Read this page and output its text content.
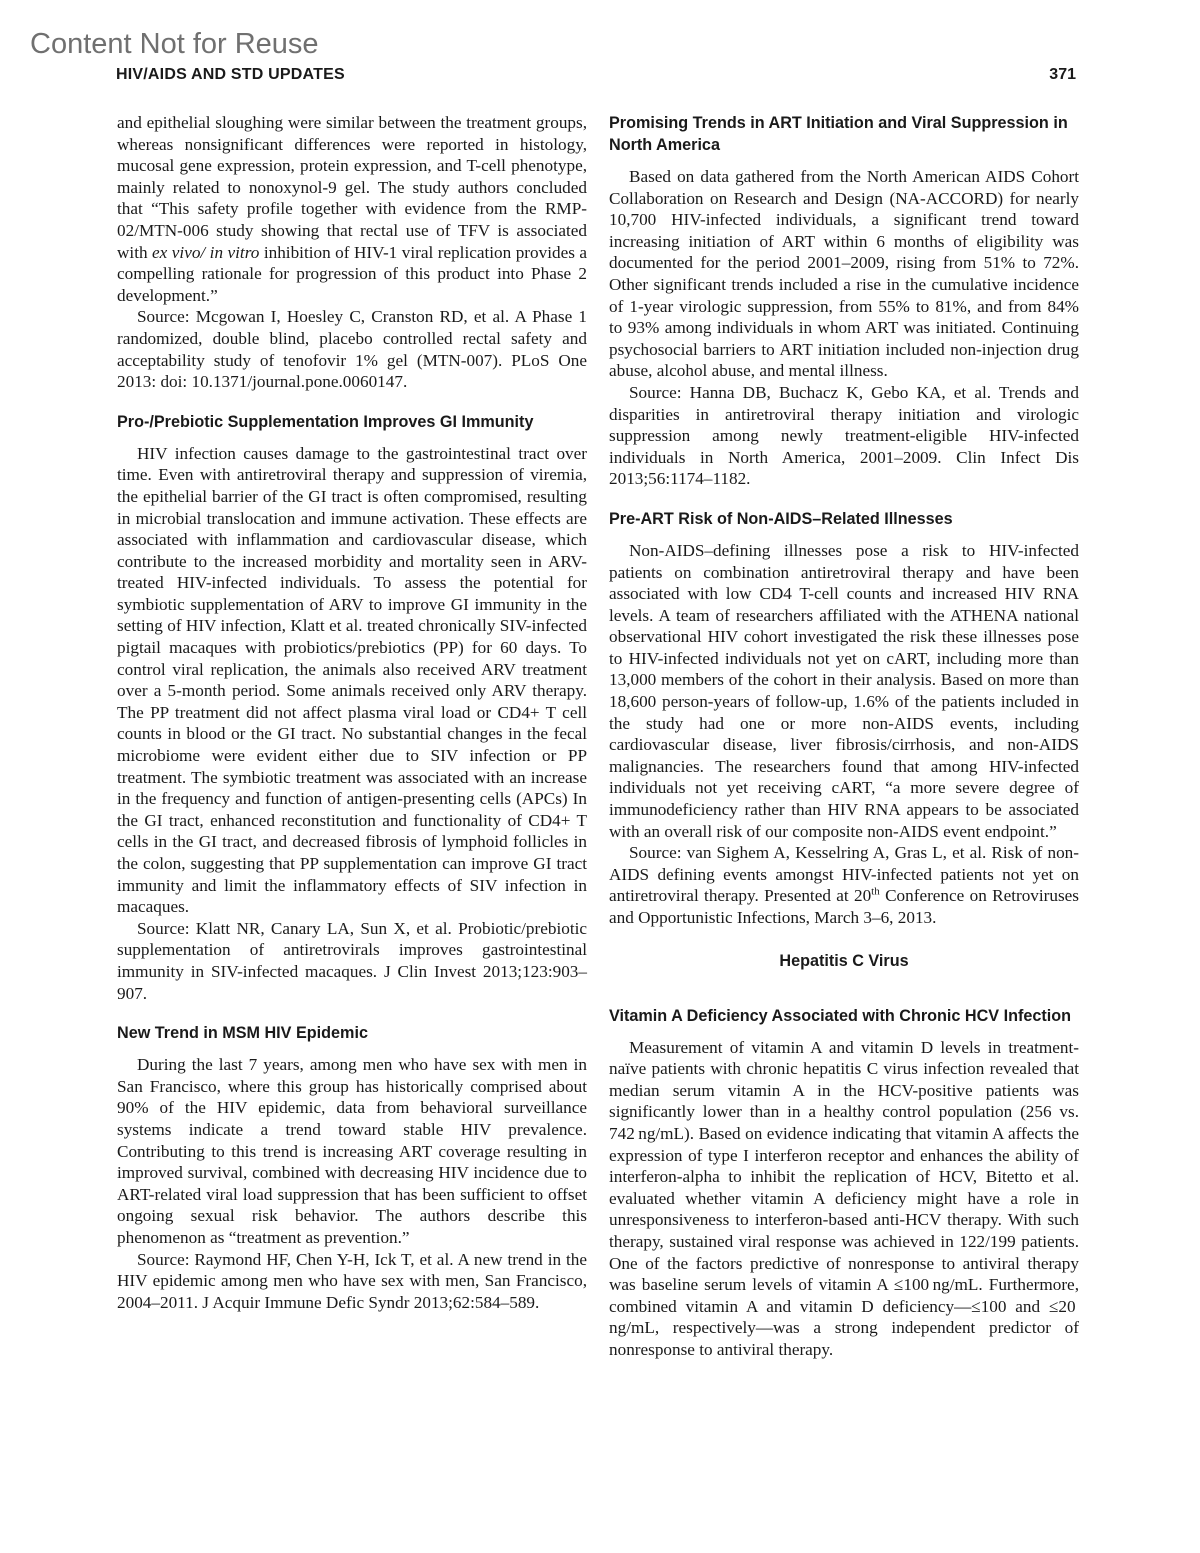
Content Not for Reuse
HIV/AIDS AND STD UPDATES	371

and epithelial sloughing were similar between the treatment groups, whereas nonsignificant differences were reported in histology, mucosal gene expression, protein expression, and T-cell phenotype, mainly related to nonoxynol-9 gel. The study authors concluded that “This safety profile together with evidence from the RMP-02/MTN-006 study showing that rectal use of TFV is associated with ex vivo/ in vitro inhibition of HIV-1 viral replication provides a compelling rationale for progression of this product into Phase 2 development.”

Source: Mcgowan I, Hoesley C, Cranston RD, et al. A Phase 1 randomized, double blind, placebo controlled rectal safety and acceptability study of tenofovir 1% gel (MTN-007). PLoS One 2013: doi: 10.1371/journal.pone.0060147.

Pro-/Prebiotic Supplementation Improves GI Immunity

HIV infection causes damage to the gastrointestinal tract over time. Even with antiretroviral therapy and suppression of viremia, the epithelial barrier of the GI tract is often compromised, resulting in microbial translocation and immune activation. These effects are associated with inflammation and cardiovascular disease, which contribute to the increased morbidity and mortality seen in ARV-treated HIV-infected individuals. To assess the potential for symbiotic supplementation of ARV to improve GI immunity in the setting of HIV infection, Klatt et al. treated chronically SIV-infected pigtail macaques with probiotics/prebiotics (PP) for 60 days. To control viral replication, the animals also received ARV treatment over a 5-month period. Some animals received only ARV therapy. The PP treatment did not affect plasma viral load or CD4+ T cell counts in blood or the GI tract. No substantial changes in the fecal microbiome were evident either due to SIV infection or PP treatment. The symbiotic treatment was associated with an increase in the frequency and function of antigen-presenting cells (APCs) In the GI tract, enhanced reconstitution and functionality of CD4+ T cells in the GI tract, and decreased fibrosis of lymphoid follicles in the colon, suggesting that PP supplementation can improve GI tract immunity and limit the inflammatory effects of SIV infection in macaques.

Source: Klatt NR, Canary LA, Sun X, et al. Probiotic/prebiotic supplementation of antiretrovirals improves gastrointestinal immunity in SIV-infected macaques. J Clin Invest 2013;123:903–907.

New Trend in MSM HIV Epidemic

During the last 7 years, among men who have sex with men in San Francisco, where this group has historically comprised about 90% of the HIV epidemic, data from behavioral surveillance systems indicate a trend toward stable HIV prevalence. Contributing to this trend is increasing ART coverage resulting in improved survival, combined with decreasing HIV incidence due to ART-related viral load suppression that has been sufficient to offset ongoing sexual risk behavior. The authors describe this phenomenon as “treatment as prevention.”

Source: Raymond HF, Chen Y-H, Ick T, et al. A new trend in the HIV epidemic among men who have sex with men, San Francisco, 2004–2011. J Acquir Immune Defic Syndr 2013;62:584–589.

Promising Trends in ART Initiation and Viral Suppression in North America

Based on data gathered from the North American AIDS Cohort Collaboration on Research and Design (NA-ACCORD) for nearly 10,700 HIV-infected individuals, a significant trend toward increasing initiation of ART within 6 months of eligibility was documented for the period 2001–2009, rising from 51% to 72%. Other significant trends included a rise in the cumulative incidence of 1-year virologic suppression, from 55% to 81%, and from 84% to 93% among individuals in whom ART was initiated. Continuing psychosocial barriers to ART initiation included non-injection drug abuse, alcohol abuse, and mental illness.

Source: Hanna DB, Buchacz K, Gebo KA, et al. Trends and disparities in antiretroviral therapy initiation and virologic suppression among newly treatment-eligible HIV-infected individuals in North America, 2001–2009. Clin Infect Dis 2013;56:1174–1182.

Pre-ART Risk of Non-AIDS–Related Illnesses

Non-AIDS–defining illnesses pose a risk to HIV-infected patients on combination antiretroviral therapy and have been associated with low CD4 T-cell counts and increased HIV RNA levels. A team of researchers affiliated with the ATHENA national observational HIV cohort investigated the risk these illnesses pose to HIV-infected individuals not yet on cART, including more than 13,000 members of the cohort in their analysis. Based on more than 18,600 person-years of follow-up, 1.6% of the patients included in the study had one or more non-AIDS events, including cardiovascular disease, liver fibrosis/cirrhosis, and non-AIDS malignancies. The researchers found that among HIV-infected individuals not yet receiving cART, “a more severe degree of immunodeficiency rather than HIV RNA appears to be associated with an overall risk of our composite non-AIDS event endpoint.”

Source: van Sighem A, Kesselring A, Gras L, et al. Risk of non-AIDS defining events amongst HIV-infected patients not yet on antiretroviral therapy. Presented at 20th Conference on Retroviruses and Opportunistic Infections, March 3–6, 2013.

Hepatitis C Virus
Vitamin A Deficiency Associated with Chronic HCV Infection

Measurement of vitamin A and vitamin D levels in treatment-naïve patients with chronic hepatitis C virus infection revealed that median serum vitamin A in the HCV-positive patients was significantly lower than in a healthy control population (256 vs. 742 ng/mL). Based on evidence indicating that vitamin A affects the expression of type I interferon receptor and enhances the ability of interferon-alpha to inhibit the replication of HCV, Bitetto et al. evaluated whether vitamin A deficiency might have a role in unresponsiveness to interferon-based anti-HCV therapy. With such therapy, sustained viral response was achieved in 122/199 patients. One of the factors predictive of nonresponse to antiviral therapy was baseline serum levels of vitamin A ≤100 ng/mL. Furthermore, combined vitamin A and vitamin D deficiency—≤100 and ≤20 ng/mL, respectively—was a strong independent predictor of nonresponse to antiviral therapy.
